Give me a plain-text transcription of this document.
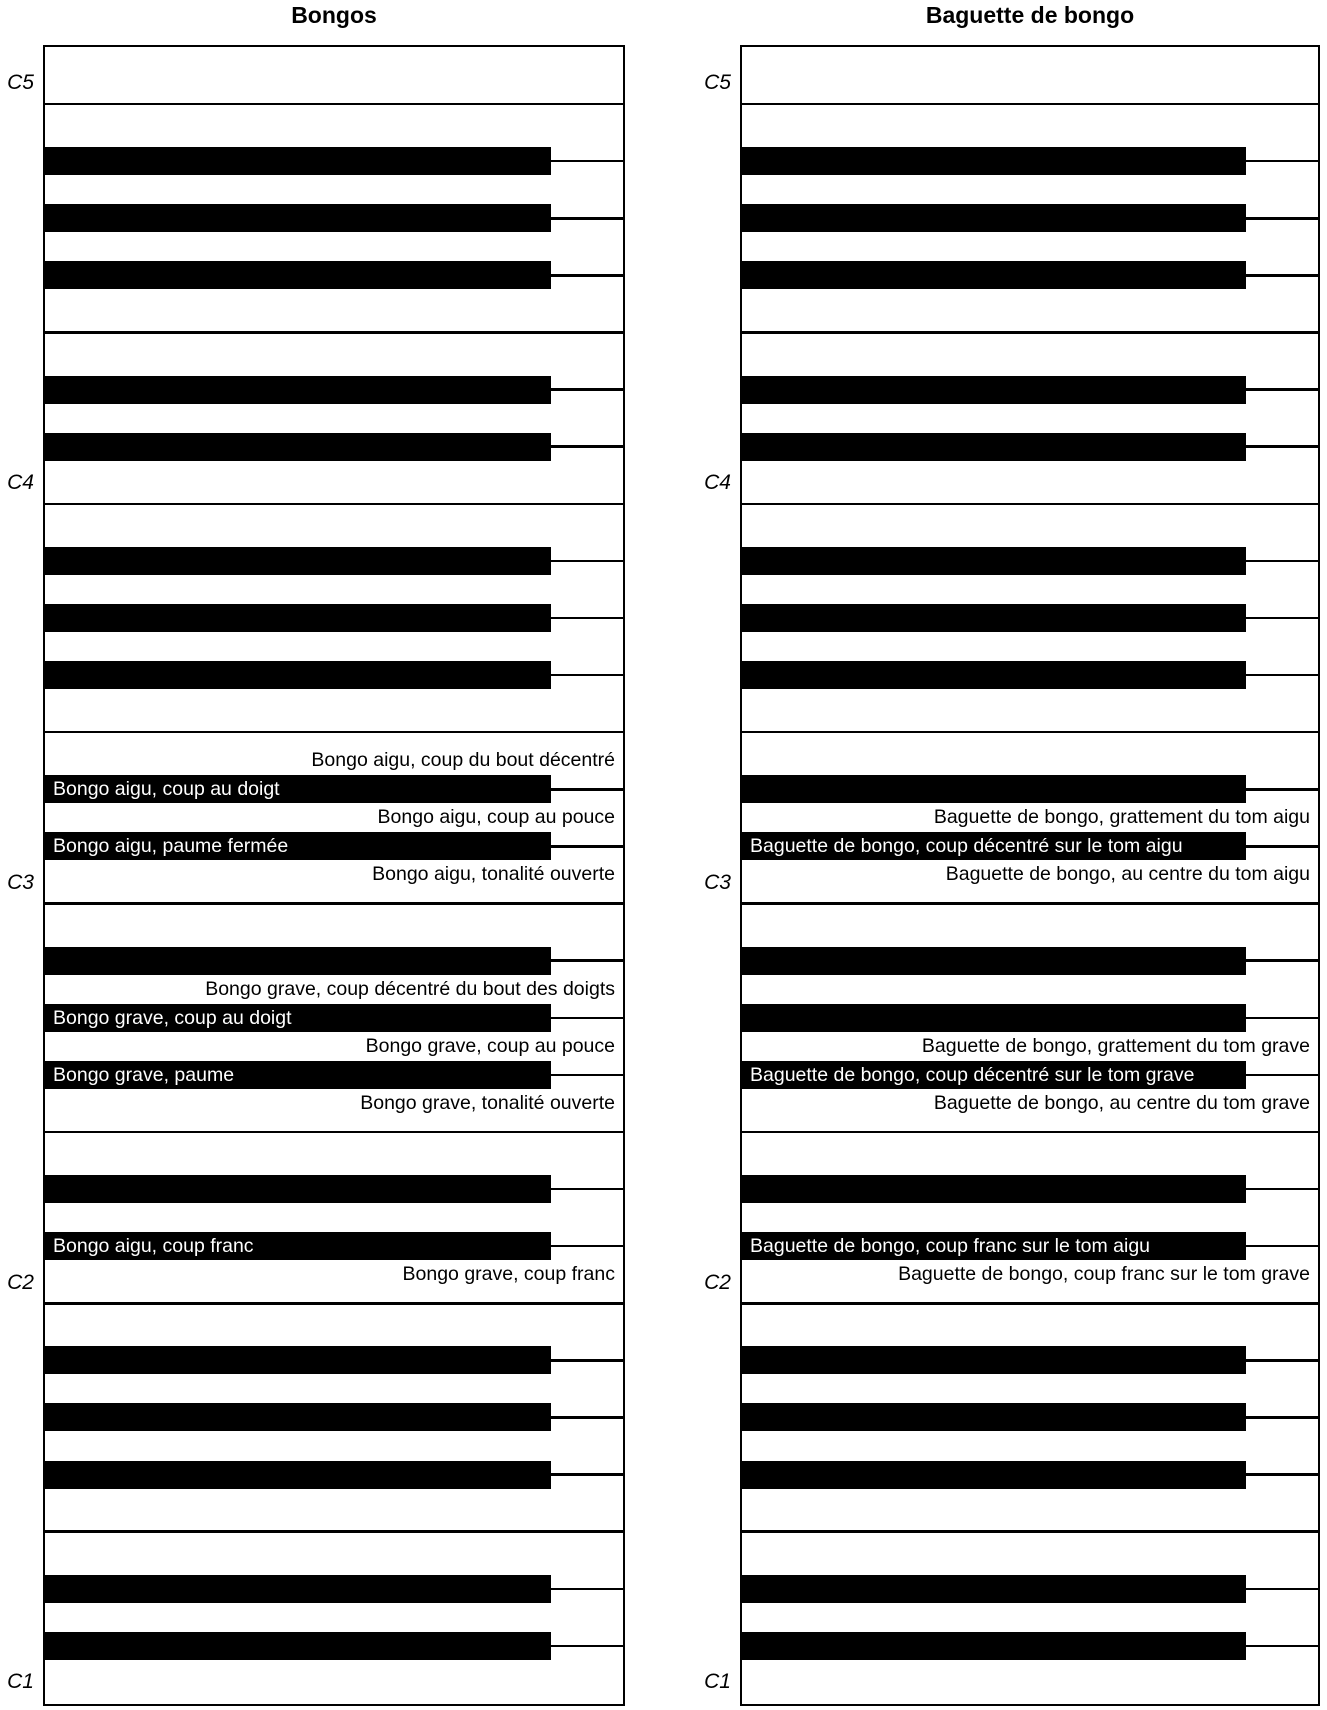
Bongos
Bongo aigu, coup du bout décentré
Bongo aigu, coup au pouce
Bongo aigu, tonalité ouverte
Bongo grave, coup décentré du bout des doigts
Bongo grave, coup au pouce
Bongo grave, tonalité ouverte
Bongo grave, coup franc
Bongo aigu, coup au doigt
Bongo aigu, paume fermée
Bongo grave, coup au doigt
Bongo grave, paume
Bongo aigu, coup franc
C5
C4
C3
C2
C1
Baguette de bongo
Baguette de bongo, grattement du tom aigu
Baguette de bongo, au centre du tom aigu
Baguette de bongo, grattement du tom grave
Baguette de bongo, au centre du tom grave
Baguette de bongo, coup franc sur le tom grave
Baguette de bongo, coup décentré sur le tom aigu
Baguette de bongo, coup décentré sur le tom grave
Baguette de bongo, coup franc sur le tom aigu
C5
C4
C3
C2
C1
